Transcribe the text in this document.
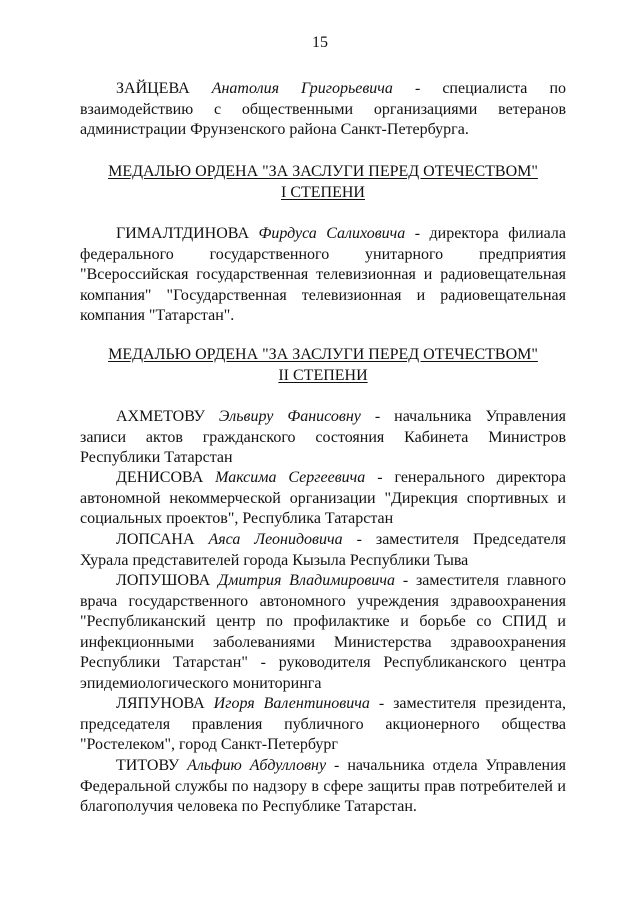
15

ЗАЙЦЕВА Анатолия Григорьевича - специалиста по взаимодействию с общественными организациями ветеранов администрации Фрунзенского района Санкт-Петербурга.

МЕДАЛЬЮ ОРДЕНА "ЗА ЗАСЛУГИ ПЕРЕД ОТЕЧЕСТВОМ"
I СТЕПЕНИ

ГИМАЛТДИНОВА Фирдуса Салиховича - директора филиала федерального государственного унитарного предприятия "Всероссийская государственная телевизионная и радиовещательная компания" "Государственная телевизионная и радиовещательная компания "Татарстан".

МЕДАЛЬЮ ОРДЕНА "ЗА ЗАСЛУГИ ПЕРЕД ОТЕЧЕСТВОМ"
II СТЕПЕНИ

АХМЕТОВУ Эльвиру Фанисовну - начальника Управления записи актов гражданского состояния Кабинета Министров Республики Татарстан

ДЕНИСОВА Максима Сергеевича - генерального директора автономной некоммерческой организации "Дирекция спортивных и социальных проектов", Республика Татарстан

ЛОПСАНА Аяса Леонидовича - заместителя Председателя Хурала представителей города Кызыла Республики Тыва

ЛОПУШОВА Дмитрия Владимировича - заместителя главного врача государственного автономного учреждения здравоохранения "Республиканский центр по профилактике и борьбе со СПИД и инфекционными заболеваниями Министерства здравоохранения Республики Татарстан" - руководителя Республиканского центра эпидемиологического мониторинга

ЛЯПУНОВА Игоря Валентиновича - заместителя президента, председателя правления публичного акционерного общества "Ростелеком", город Санкт-Петербург

ТИТОВУ Альфию Абдулловну - начальника отдела Управления Федеральной службы по надзору в сфере защиты прав потребителей и благополучия человека по Республике Татарстан.
